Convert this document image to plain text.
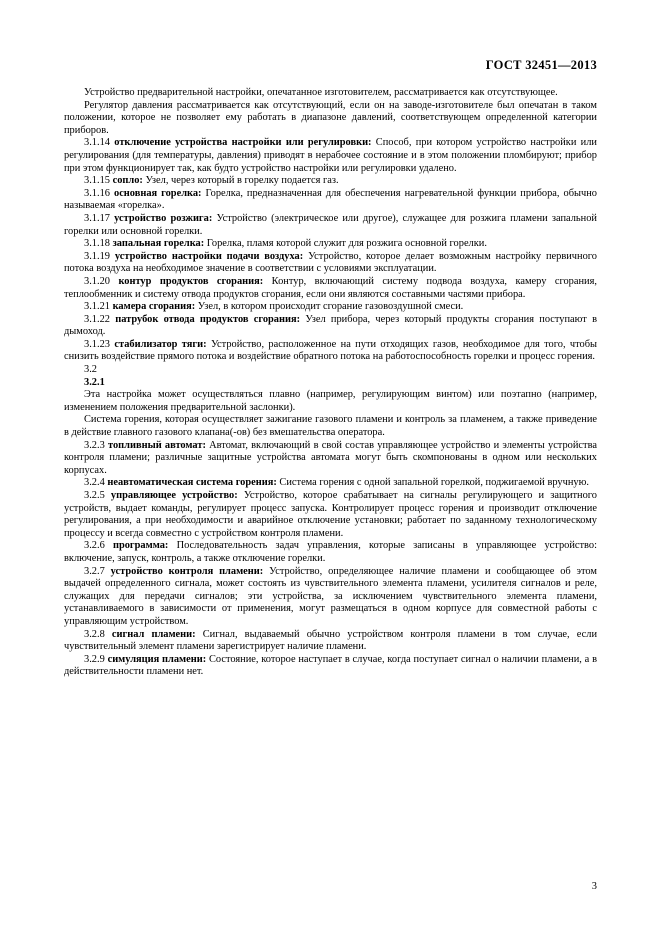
ГОСТ 32451—2013

Устройство предварительной настройки, опечатанное изготовителем, рассматривается как отсутствующее.

Регулятор давления рассматривается как отсутствующий, если он на заводе-изготовителе был опечатан в таком положении, которое не позволяет ему работать в диапазоне давлений, соответствующем определенной категории приборов.

3.1.14 отключение устройства настройки или регулировки: Способ, при котором устройство настройки или регулирования (для температуры, давления) приводят в нерабочее состояние и в этом положении пломбируют; прибор при этом функционирует так, как будто устройство настройки или регулировки удалено.

3.1.15 сопло: Узел, через который в горелку подается газ.

3.1.16 основная горелка: Горелка, предназначенная для обеспечения нагревательной функции прибора, обычно называемая «горелка».

3.1.17 устройство розжига: Устройство (электрическое или другое), служащее для розжига пламени запальной горелки или основной горелки.

3.1.18 запальная горелка: Горелка, пламя которой служит для розжига основной горелки.

3.1.19 устройство настройки подачи воздуха: Устройство, которое делает возможным настройку первичного потока воздуха на необходимое значение в соответствии с условиями эксплуатации.

3.1.20 контур продуктов сгорания: Контур, включающий систему подвода воздуха, камеру сгорания, теплообменник и систему отвода продуктов сгорания, если они являются составными частями прибора.

3.1.21 камера сгорания: Узел, в котором происходит сгорание газовоздушной смеси.

3.1.22 патрубок отвода продуктов сгорания: Узел прибора, через который продукты сгорания поступают в дымоход.

3.1.23 стабилизатор тяги: Устройство, расположенное на пути отходящих газов, необходимое для того, чтобы снизить воздействие прямого потока и воздействие обратного потока на работоспособность горелки и процесс горения.

3.2

3.2.1

Эта настройка может осуществляться плавно (например, регулирующим винтом) или поэтапно (например, изменением положения предварительной заслонки).

Система горения, которая осуществляет зажигание газового пламени и контроль за пламенем, а также приведение в действие главного газового клапана(-ов) без вмешательства оператора.

3.2.3 топливный автомат: Автомат, включающий в свой состав управляющее устройство и элементы устройства контроля пламени; различные защитные устройства автомата могут быть скомпонованы в одном или нескольких корпусах.

3.2.4 неавтоматическая система горения: Система горения с одной запальной горелкой, поджигаемой вручную.

3.2.5 управляющее устройство: Устройство, которое срабатывает на сигналы регулирующего и защитного устройств, выдает команды, регулирует процесс запуска. Контролирует процесс горения и производит отключение регулирования, а при необходимости и аварийное отключение установки; работает по заданному технологическому процессу и всегда совместно с устройством контроля пламени.

3.2.6 программа: Последовательность задач управления, которые записаны в управляющее устройство: включение, запуск, контроль, а также отключение горелки.

3.2.7 устройство контроля пламени: Устройство, определяющее наличие пламени и сообщающее об этом выдачей определенного сигнала, может состоять из чувствительного элемента пламени, усилителя сигналов и реле, служащих для передачи сигналов; эти устройства, за исключением чувствительного элемента пламени, устанавливаемого в зависимости от применения, могут размещаться в одном корпусе для совместной работы с управляющим устройством.

3.2.8 сигнал пламени: Сигнал, выдаваемый обычно устройством контроля пламени в том случае, если чувствительный элемент пламени зарегистрирует наличие пламени.

3.2.9 симуляция пламени: Состояние, которое наступает в случае, когда поступает сигнал о наличии пламени, а в действительности пламени нет.

3
